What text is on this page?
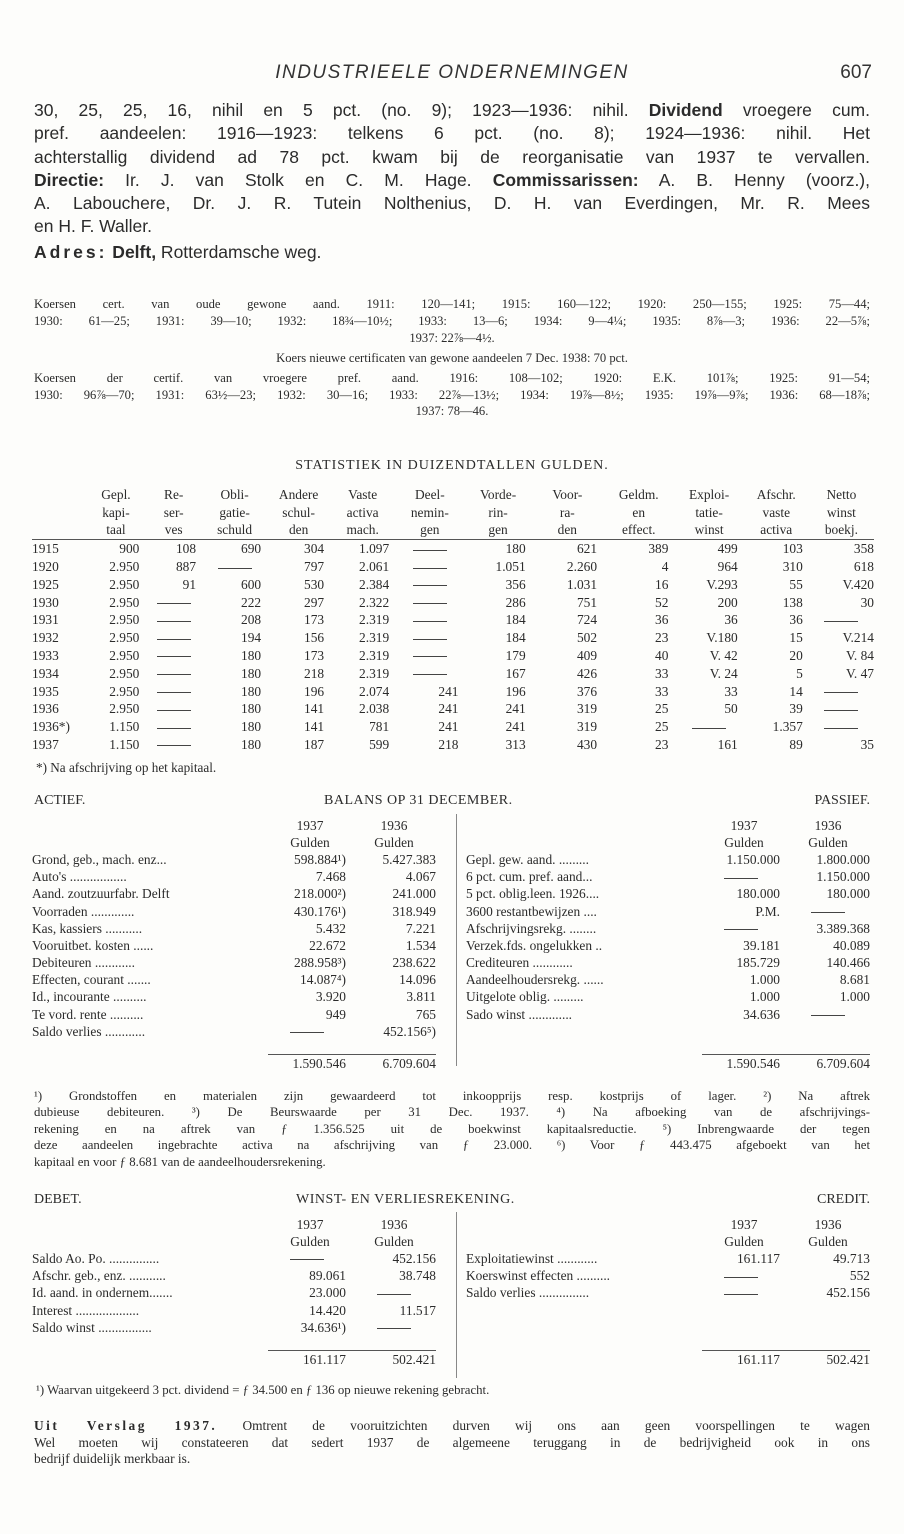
INDUSTRIEELE ONDERNEMINGEN	607

30, 25, 25, 16, nihil en 5 pct. (no. 9); 1923—1936: nihil. Dividend vroegere cum.

pref. aandeelen: 1916—1923: telkens 6 pct. (no. 8); 1924—1936: nihil. Het

achterstallig dividend ad 78 pct. kwam bij de reorganisatie van 1937 te vervallen.

Directie: Ir. J. van Stolk en C. M. Hage. Commissarissen: A. B. Henny (voorz.),

A. Labouchere, Dr. J. R. Tutein Nolthenius, D. H. van Everdingen, Mr. R. Mees

en H. F. Waller.

Adres: Delft, Rotterdamsche weg.

Koersen cert. van oude gewone aand. 1911: 120—141; 1915: 160—122; 1920: 250—155; 1925: 75—44;
1930: 61—25; 1931: 39—10; 1932: 18¾—10½; 1933: 13—6; 1934: 9—4¼; 1935: 8⅞—3; 1936: 22—5⅞;
1937: 22⅞—4½.
Koers nieuwe certificaten van gewone aandeelen 7 Dec. 1938: 70 pct.
Koersen der certif. van vroegere pref. aand. 1916: 108—102; 1920: E.K. 101⅞; 1925: 91—54;
1930: 96⅞—70; 1931: 63½—23; 1932: 30—16; 1933: 22⅞—13½; 1934: 19⅞—8½; 1935: 19⅞—9⅞; 1936: 68—18⅞;
1937: 78—46.
STATISTIEK IN DUIZENDTALLEN GULDEN.
	Gepl.	Re-	Obli-	Andere	Vaste	Deel-	Vorde-	Voor-	Geldm.	Exploi-	Afschr.	Netto
	kapi-	ser-	gatie-	schul-	activa	nemin-	rin-	ra-	en	tatie-	vaste	winst
	taal	ves	schuld	den	mach.	gen	gen	den	effect.	winst	activa	boekj.
1915	900	108	690	304	1.097		180	621	389	499	103	358
1920	2.950	887		797	2.061		1.051	2.260	4	964	310	618
1925	2.950	91	600	530	2.384		356	1.031	16	V.293	55	V.420
1930	2.950		222	297	2.322		286	751	52	200	138	30
1931	2.950		208	173	2.319		184	724	36	36	36	
1932	2.950		194	156	2.319		184	502	23	V.180	15	V.214
1933	2.950		180	173	2.319		179	409	40	V. 42	20	V. 84
1934	2.950		180	218	2.319		167	426	33	V. 24	5	V. 47
1935	2.950		180	196	2.074	241	196	376	33	33	14	
1936	2.950		180	141	2.038	241	241	319	25	50	39	
1936*)	1.150		180	141	781	241	241	319	25		1.357	
1937	1.150		180	187	599	218	313	430	23	161	89	35
*) Na afschrijving op het kapitaal.
ACTIEF.	BALANS OP 31 DECEMBER.	PASSIEF.
	1937	1936
	Gulden	Gulden
Grond, geb., mach. enz...	598.884¹)	5.427.383
Auto's .................	7.468	4.067
Aand. zoutzuurfabr. Delft	218.000²)	241.000
Voorraden .............	430.176¹)	318.949
Kas, kassiers ...........	5.432	7.221
Vooruitbet. kosten ......	22.672	1.534
Debiteuren ............	288.958³)	238.622
Effecten, courant .......	14.087⁴)	14.096
Id., incourante ..........	3.920	3.811
Te vord. rente ..........	949	765
Saldo verlies ............		452.156⁵)

	1.590.546	6.709.604
	1937	1936
	Gulden	Gulden
Gepl. gew. aand. .........	1.150.000	1.800.000
6 pct. cum. pref. aand...		1.150.000
5 pct. oblig.leen. 1926....	180.000	180.000
3600 restantbewijzen ....	P.M.	
Afschrijvingsrekg. ........		3.389.368
Verzek.fds. ongelukken ..	39.181	40.089
Crediteuren ............	185.729	140.466
Aandeelhoudersrekg. ......	1.000	8.681
Uitgelote oblig. .........	1.000	1.000
Sado winst .............	34.636	

	1.590.546	6.709.604
¹) Grondstoffen en materialen zijn gewaardeerd tot inkoopprijs resp. kostprijs of lager. ²) Na aftrek
dubieuse debiteuren. ³) De Beurswaarde per 31 Dec. 1937. ⁴) Na afboeking van de afschrijvings-
rekening en na aftrek van ƒ 1.356.525 uit de boekwinst kapitaalsreductie. ⁵) Inbrengwaarde der tegen
deze aandeelen ingebrachte activa na afschrijving van ƒ 23.000. ⁶) Voor ƒ 443.475 afgeboekt van het
kapitaal en voor ƒ 8.681 van de aandeelhoudersrekening.
DEBET.	WINST- EN VERLIESREKENING.	CREDIT.
	1937	1936
	Gulden	Gulden
Saldo Ao. Po. ...............		452.156
Afschr. geb., enz. ...........	89.061	38.748
Id. aand. in ondernem.......	23.000	
Interest ...................	14.420	11.517
Saldo winst ................	34.636¹)	

	161.117	502.421
	1937	1936
	Gulden	Gulden
Exploitatiewinst ............	161.117	49.713
Koerswinst effecten ..........		552
Saldo verlies ...............		452.156

	161.117	502.421
¹) Waarvan uitgekeerd 3 pct. dividend = ƒ 34.500 en ƒ 136 op nieuwe rekening gebracht.
Uit Verslag 1937. Omtrent de vooruitzichten durven wij ons aan geen voorspellingen te wagen
Wel moeten wij constateeren dat sedert 1937 de algemeene teruggang in de bedrijvigheid ook in ons
bedrijf duidelijk merkbaar is.
